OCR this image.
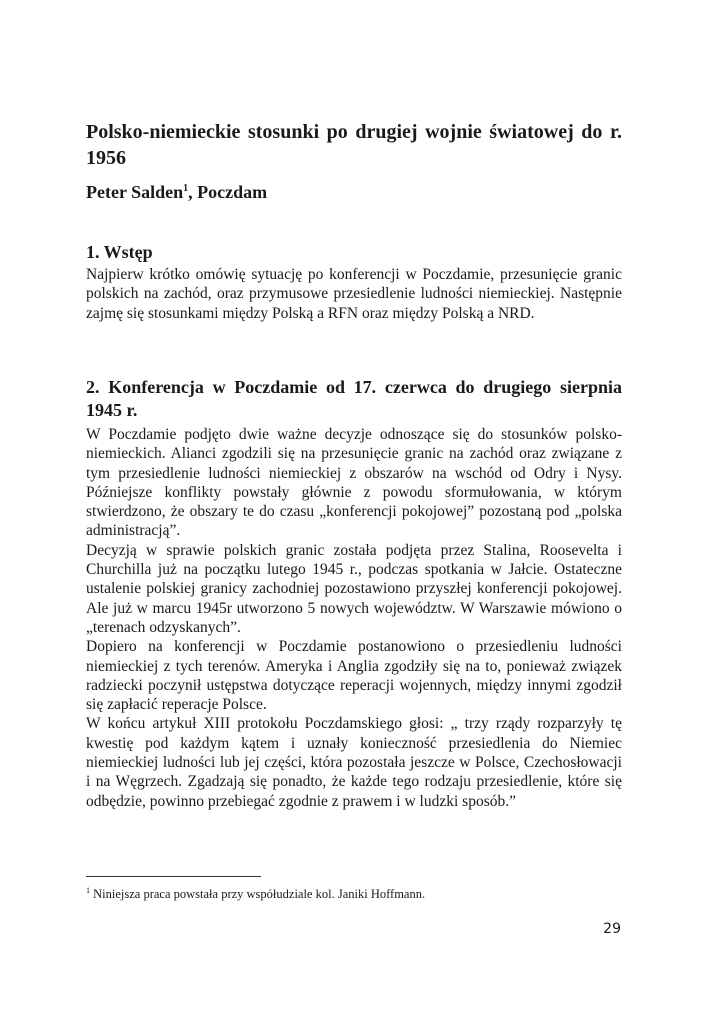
Polsko-niemieckie stosunki po drugiej wojnie światowej do r. 1956
Peter Salden$^1$, Poczdam
1. Wstęp

Najpierw krótko omówię sytuację po konferencji w Poczdamie, przesunięcie granic polskich na zachód, oraz przymusowe przesiedlenie ludności niemieckiej. Następnie zajmę się stosunkami między Polską a RFN oraz między Polską a NRD.

2. Konferencja w Poczdamie od 17. czerwca do drugiego sierpnia 1945 r.

W Poczdamie podjęto dwie ważne decyzje odnoszące się do stosunków polsko-niemieckich. Alianci zgodzili się na przesunięcie granic na zachód oraz związane z tym przesiedlenie ludności niemieckiej z obszarów na wschód od Odry i Nysy. Późniejsze konflikty powstały głównie z powodu sformułowania, w którym stwierdzono, że obszary te do czasu „konferencji pokojowej” pozostaną pod „polska administracją”.

Decyzją w sprawie polskich granic została podjęta przez Stalina, Roosevelta i Churchilla już na początku lutego 1945 r., podczas spotkania w Jałcie. Ostateczne ustalenie polskiej granicy zachodniej pozostawiono przyszłej konferencji pokojowej. Ale już w marcu 1945r utworzono 5 nowych województw. W Warszawie mówiono o „terenach odzyskanych”.

Dopiero na konferencji w Poczdamie postanowiono o przesiedleniu ludności niemieckiej z tych terenów. Ameryka i Anglia zgodziły się na to, ponieważ związek radziecki poczynił ustępstwa dotyczące reperacji wojennych, między innymi zgodził się zapłacić reperacje Polsce.

W końcu artykuł XIII protokołu Poczdamskiego głosi: „ trzy rządy rozparzyły tę kwestię pod każdym kątem i uznały konieczność przesiedlenia do Niemiec niemieckiej ludności lub jej części, która pozostała jeszcze w Polsce, Czechosłowacji i na Węgrzech. Zgadzają się ponadto, że każde tego rodzaju przesiedlenie, które się odbędzie, powinno przebiegać zgodnie z prawem i w ludzki sposób.”

$^1$ Niniejsza praca powstała przy współudziale kol. Janiki Hoffmann.

29
